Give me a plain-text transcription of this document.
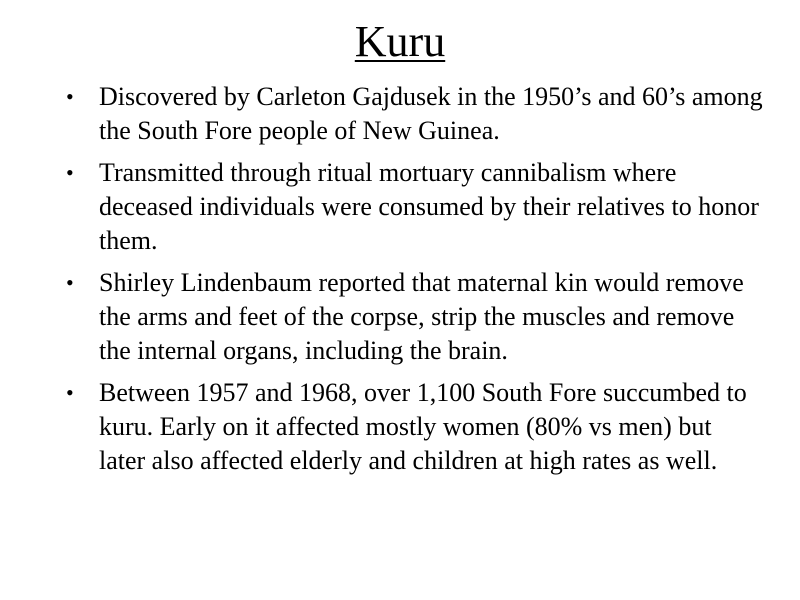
Kuru
• Discovered by Carleton Gajdusek in the 1950’s and 60’s among the South Fore people of New Guinea.
• Transmitted through ritual mortuary cannibalism where deceased individuals were consumed by their relatives to honor them.
• Shirley Lindenbaum reported that maternal kin would remove the arms and feet of the corpse, strip the muscles and remove the internal organs, including the brain.
• Between 1957 and 1968, over 1,100 South Fore succumbed to kuru. Early on it affected mostly women (80% vs men) but later also affected elderly and children at high rates as well.
